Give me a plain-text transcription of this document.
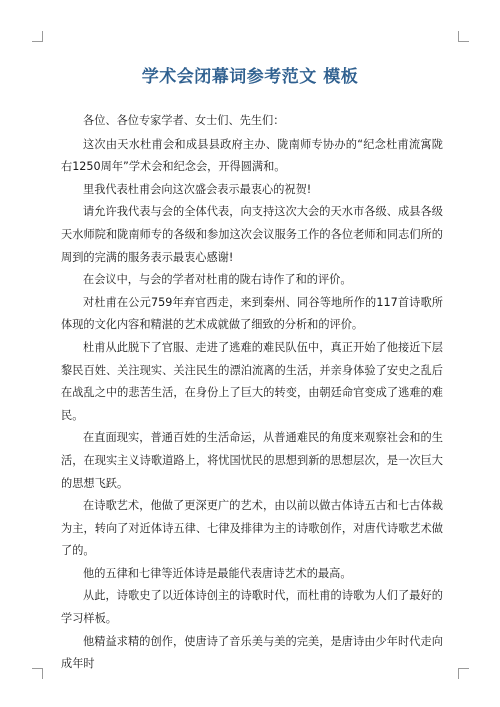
学术会闭幕词参考范文 模板

各位、各位专家学者、女士们、先生们：

这次由天水杜甫会和成县县政府主办、陇南师专协办的“纪念杜甫流寓陇右1250周年”学术会和纪念会，开得圆满和。

里我代表杜甫会向这次盛会表示最衷心的祝贺!

请允许我代表与会的全体代表，向支持这次大会的天水市各级、成县各级天水师院和陇南师专的各级和参加这次会议服务工作的各位老师和同志们所的周到的完满的服务表示最衷心感谢!

在会议中，与会的学者对杜甫的陇右诗作了和的评价。

对杜甫在公元759年弃官西走，来到秦州、同谷等地所作的117首诗歌所体现的文化内容和精湛的艺术成就做了细致的分析和的评价。

杜甫从此脱下了官服、走进了逃难的难民队伍中，真正开始了他接近下层黎民百姓、关注现实、关注民生的漂泊流离的生活，并亲身体验了安史之乱后在战乱之中的悲苦生活，在身份上了巨大的转变，由朝廷命官变成了逃难的难民。

在直面现实，普通百姓的生活命运，从普通难民的角度来观察社会和的生活，在现实主义诗歌道路上，将忧国忧民的思想到新的思想层次，是一次巨大的思想飞跃。

在诗歌艺术，他做了更深更广的艺术，由以前以做古体诗五古和七古体裁为主，转向了对近体诗五律、七律及排律为主的诗歌创作，对唐代诗歌艺术做了的。

他的五律和七律等近体诗是最能代表唐诗艺术的最高。

从此，诗歌史了以近体诗创主的诗歌时代，而杜甫的诗歌为人们了最好的学习样板。

他精益求精的创作，使唐诗了音乐美与美的完美，是唐诗由少年时代走向成年时
